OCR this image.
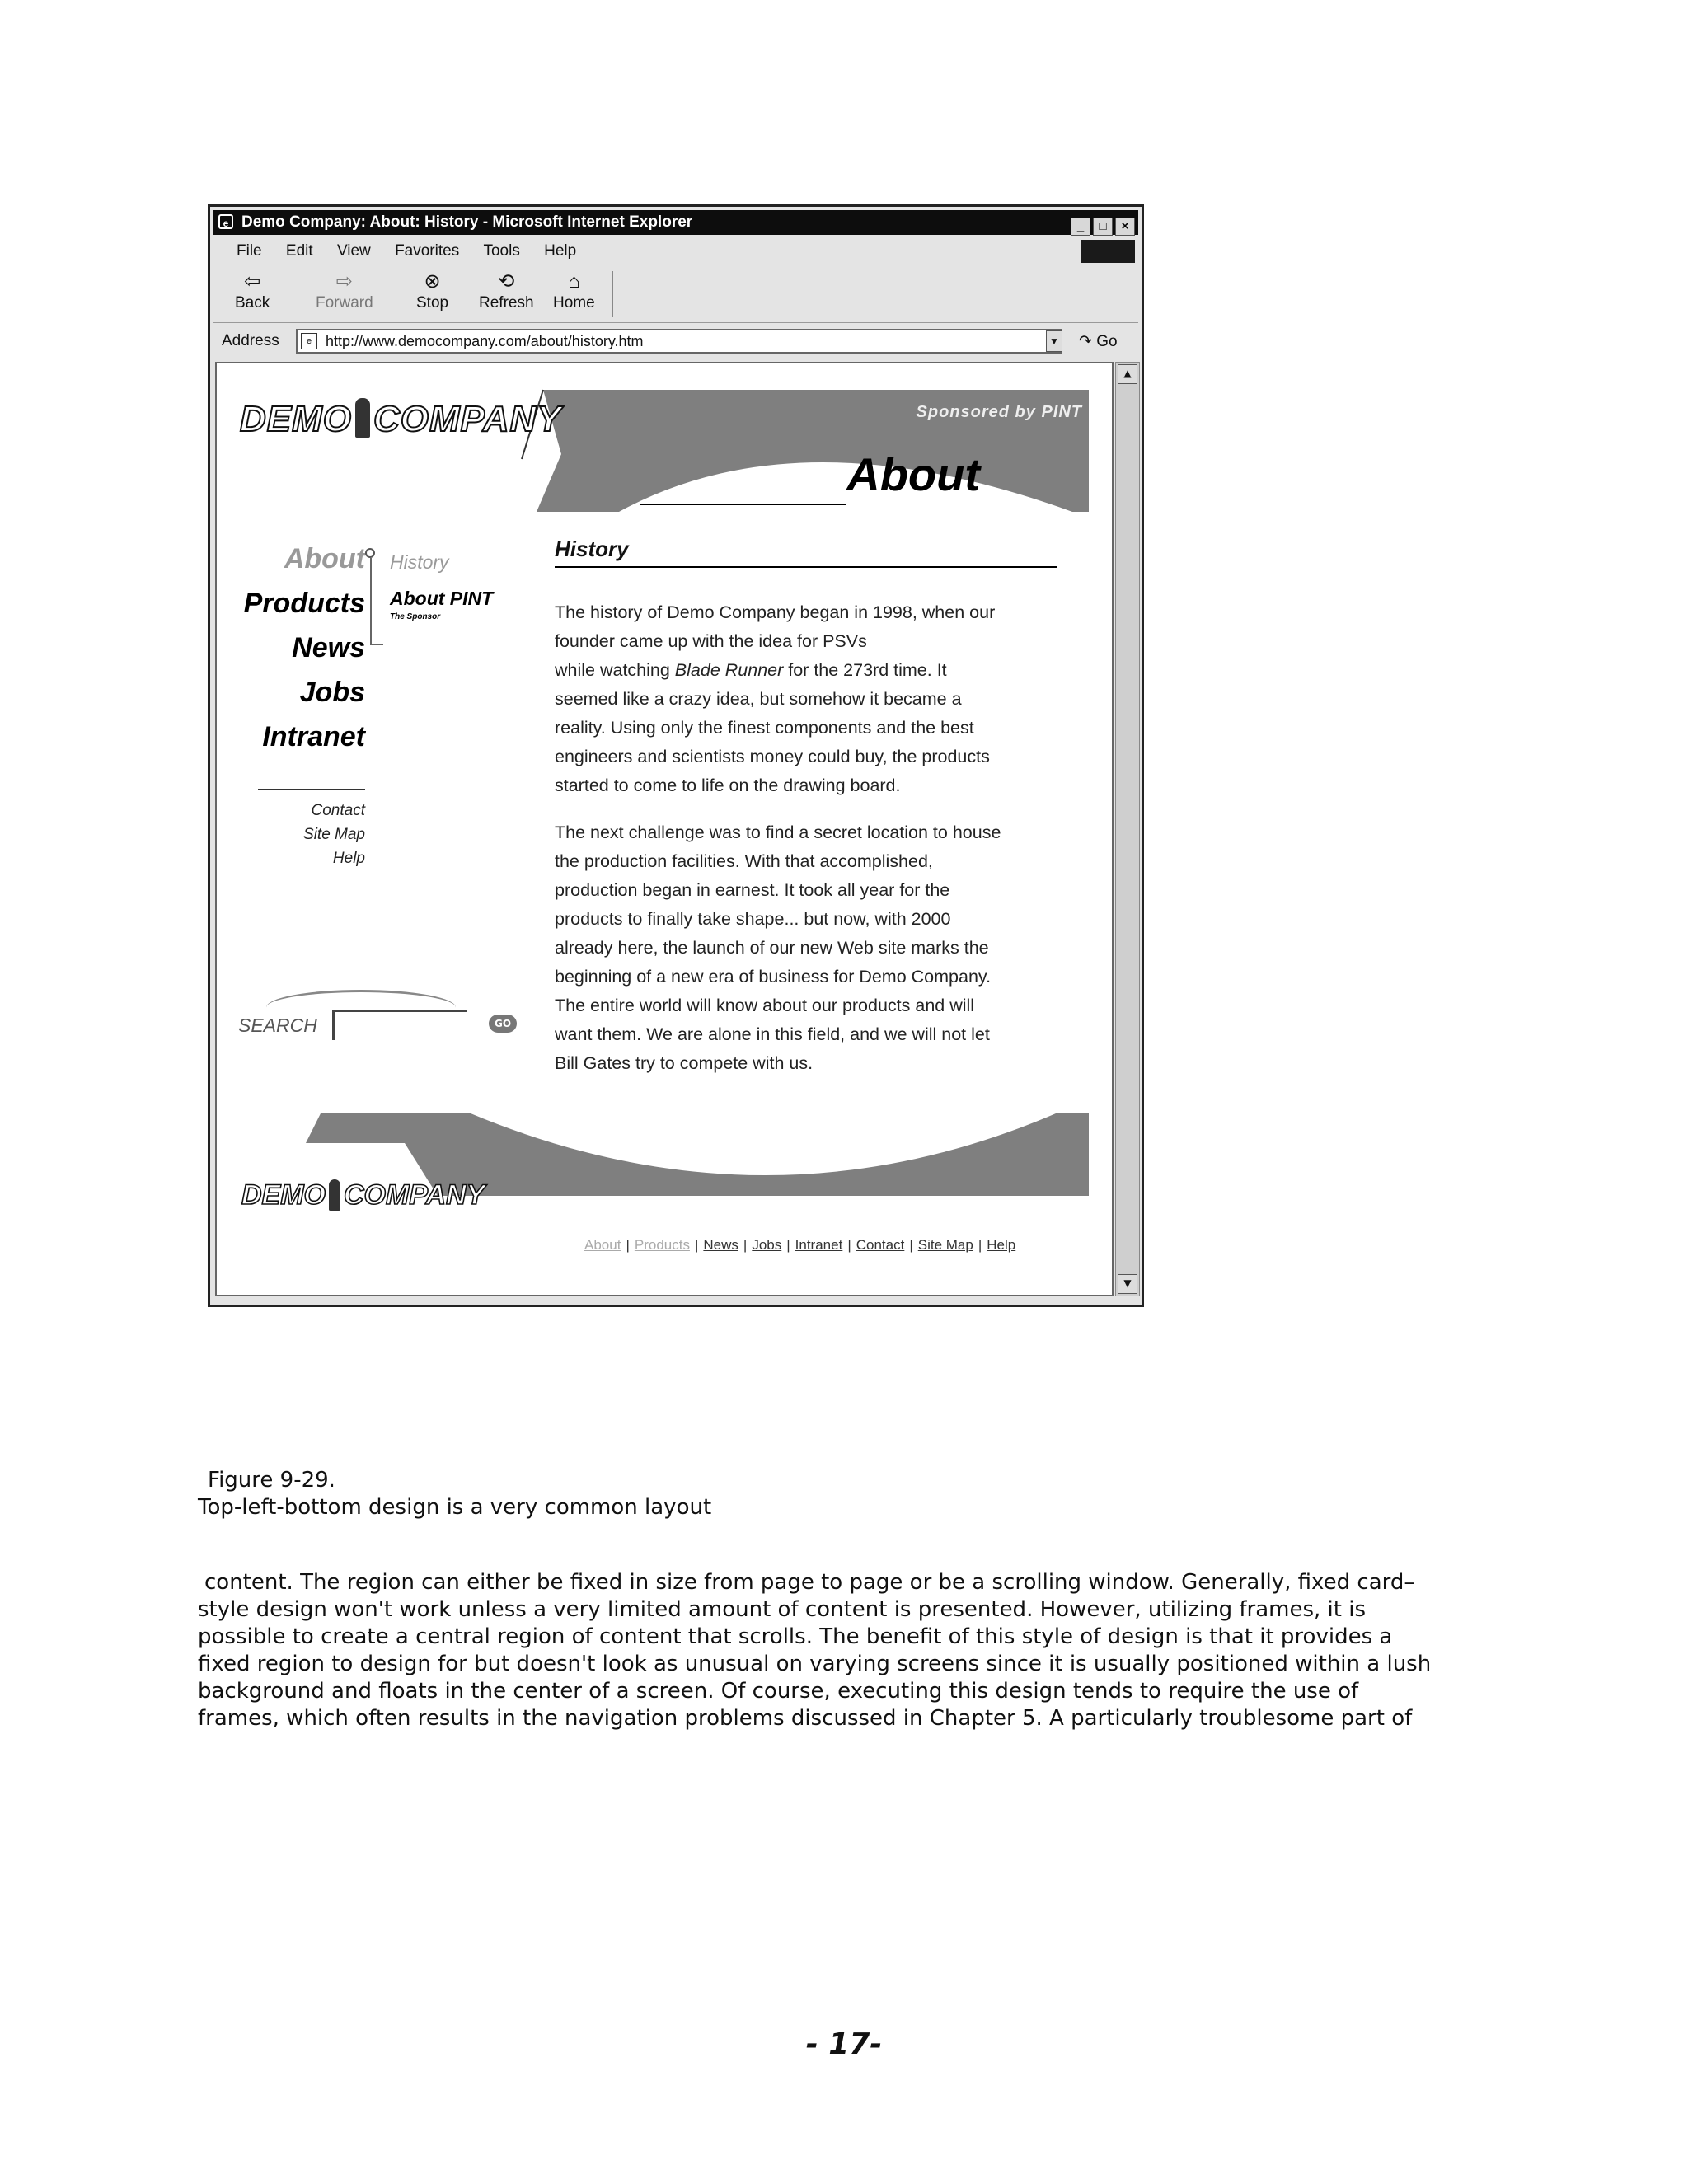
e Demo Company: About: History - Microsoft Internet Explorer	_ □ ×
File Edit View Favorites Tools Help
⇦
Back
⇨
Forward
⊗
Stop
⟲
Refresh
⌂
Home
Address	e http://www.democompany.com/about/history.htm	▼ ↷ Go
DEMO COMPANY	Sponsored by PINT
About
About
Products
News
Jobs
Intranet
Contact
Site Map
Help
History
About PINT
The Sponsor
History

The history of Demo Company began in 1998, when our
founder came up with the idea for PSVs
while watching Blade Runner for the 273rd time. It
seemed like a crazy idea, but somehow it became a
reality. Using only the finest components and the best
engineers and scientists money could buy, the products
started to come to life on the drawing board.

The next challenge was to find a secret location to house
the production facilities. With that accomplished,
production began in earnest. It took all year for the
products to finally take shape... but now, with 2000
already here, the launch of our new Web site marks the
beginning of a new era of business for Demo Company.
The entire world will know about our products and will
want them. We are alone in this field, and we will not let
Bill Gates try to compete with us.

SEARCH	GO
DEMO COMPANY
About | Products | News | Jobs | Intranet | Contact | Site Map | Help
▲
▼
Figure 9-29.
Top-left-bottom design is a very common layout
content. The region can either be fixed in size from page to page or be a scrolling window. Generally, fixed card–
style design won't work unless a very limited amount of content is presented. However, utilizing frames, it is
possible to create a central region of content that scrolls. The benefit of this style of design is that it provides a
fixed region to design for but doesn't look as unusual on varying screens since it is usually positioned within a lush
background and floats in the center of a screen. Of course, executing this design tends to require the use of
frames, which often results in the navigation problems discussed in Chapter 5. A particularly troublesome part of
- 17-
